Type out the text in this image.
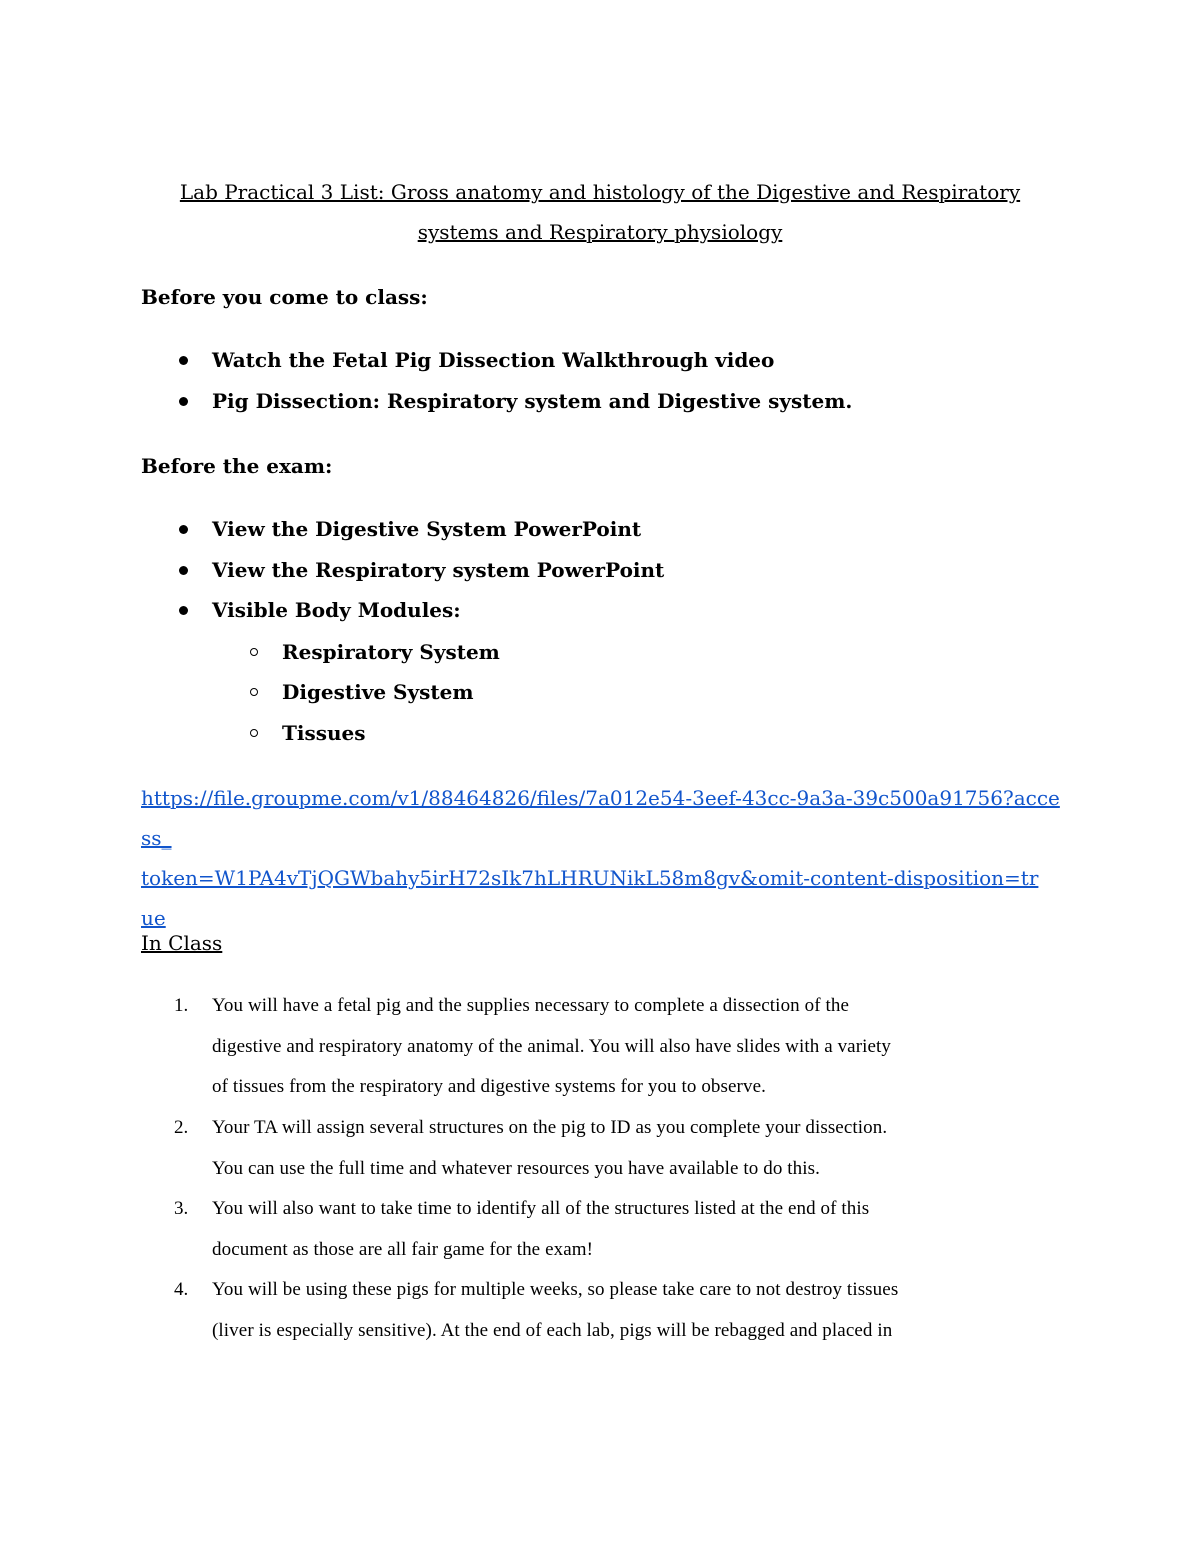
Lab Practical 3 List: Gross anatomy and histology of the Digestive and Respiratory
systems and Respiratory physiology
Before you come to class:
Watch the Fetal Pig Dissection Walkthrough video
Pig Dissection: Respiratory system and Digestive system.
Before the exam:
View the Digestive System PowerPoint
View the Respiratory system PowerPoint
Visible Body Modules:
Respiratory System
Digestive System
Tissues
https://file.groupme.com/v1/88464826/files/7a012e54-3eef-43cc-9a3a-39c500a91756?access_
token=W1PA4vTjQGWbahy5irH72sIk7hLHRUNikL58m8gv&omit-content-disposition=tr
ue
In Class
1. You will have a fetal pig and the supplies necessary to complete a dissection of the
digestive and respiratory anatomy of the animal. You will also have slides with a variety
of tissues from the respiratory and digestive systems for you to observe.
2. Your TA will assign several structures on the pig to ID as you complete your dissection.
You can use the full time and whatever resources you have available to do this.
3. You will also want to take time to identify all of the structures listed at the end of this
document as those are all fair game for the exam!
4. You will be using these pigs for multiple weeks, so please take care to not destroy tissues
(liver is especially sensitive). At the end of each lab, pigs will be rebagged and placed in
